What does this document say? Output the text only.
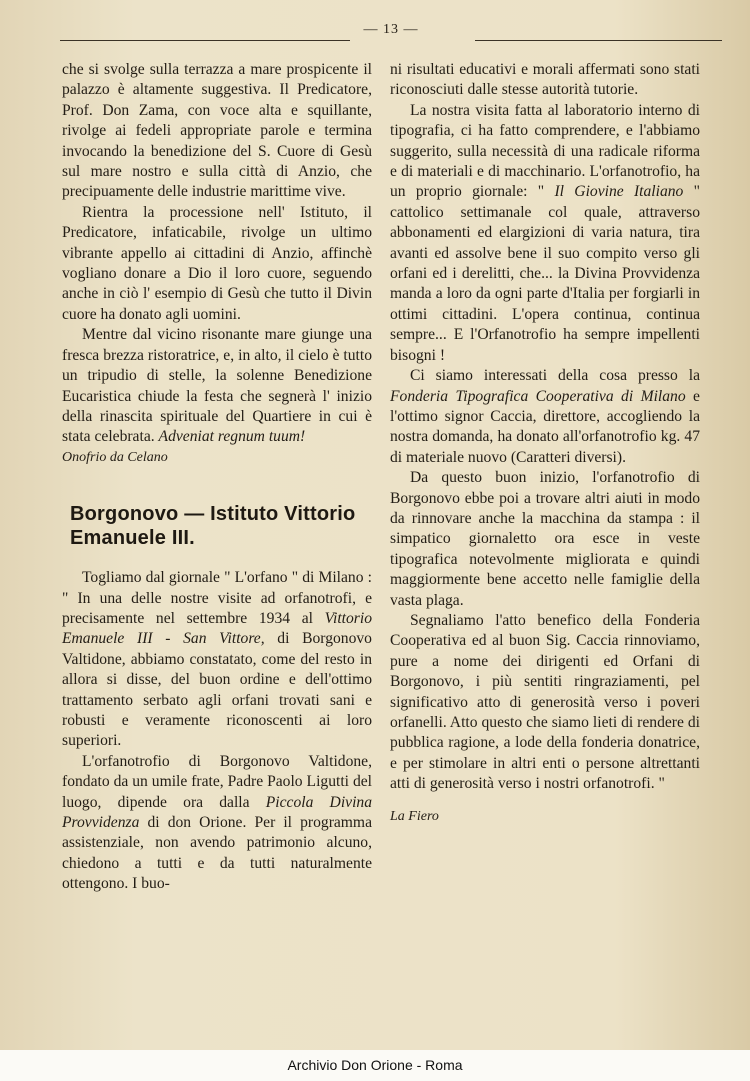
— 13 —

che si svolge sulla terrazza a mare prospicente il palazzo è altamente suggestiva. Il Predicatore, Prof. Don Zama, con voce alta e squillante, rivolge ai fedeli appropriate parole e termina invocando la benedizione del S. Cuore di Gesù sul mare nostro e sulla città di Anzio, che precipuamente delle industrie marittime vive.

Rientra la processione nell' Istituto, il Predicatore, infaticabile, rivolge un ultimo vibrante appello ai cittadini di Anzio, affinchè vogliano donare a Dio il loro cuore, seguendo anche in ciò l' esempio di Gesù che tutto il Divin cuore ha donato agli uomini.

Mentre dal vicino risonante mare giunge una fresca brezza ristoratrice, e, in alto, il cielo è tutto un tripudio di stelle, la solenne Benedizione Eucaristica chiude la festa che segnerà l' inizio della rinascita spirituale del Quartiere in cui è stata celebrata. Adveniat regnum tuum!

Onofrio da Celano

Borgonovo — Istituto Vittorio Emanuele III.

Togliamo dal giornale " L'orfano " di Milano : " In una delle nostre visite ad orfanotrofi, e precisamente nel settembre 1934 al Vittorio Emanuele III - San Vittore, di Borgonovo Valtidone, abbiamo constatato, come del resto in allora si disse, del buon ordine e dell'ottimo trattamento serbato agli orfani trovati sani e robusti e veramente riconoscenti ai loro superiori.

L'orfanotrofio di Borgonovo Valtidone, fondato da un umile frate, Padre Paolo Ligutti del luogo, dipende ora dalla Piccola Divina Provvidenza di don Orione. Per il programma assistenziale, non avendo patrimonio alcuno, chiedono a tutti e da tutti naturalmente ottengono. I buo-

ni risultati educativi e morali affermati sono stati riconosciuti dalle stesse autorità tutorie.

La nostra visita fatta al laboratorio interno di tipografia, ci ha fatto comprendere, e l'abbiamo suggerito, sulla necessità di una radicale riforma e di materiali e di macchinario. L'orfanotrofio, ha un proprio giornale: " Il Giovine Italiano " cattolico settimanale col quale, attraverso abbonamenti ed elargizioni di varia natura, tira avanti ed assolve bene il suo compito verso gli orfani ed i derelitti, che... la Divina Provvidenza manda a loro da ogni parte d'Italia per forgiarli in ottimi cittadini. L'opera continua, continua sempre... E l'Orfanotrofio ha sempre impellenti bisogni !

Ci siamo interessati della cosa presso la Fonderia Tipografica Cooperativa di Milano e l'ottimo signor Caccia, direttore, accogliendo la nostra domanda, ha donato all'orfanotrofio kg. 47 di materiale nuovo (Caratteri diversi).

Da questo buon inizio, l'orfanotrofio di Borgonovo ebbe poi a trovare altri aiuti in modo da rinnovare anche la macchina da stampa : il simpatico giornaletto ora esce in veste tipografica notevolmente migliorata e quindi maggiormente bene accetto nelle famiglie della vasta plaga.

Segnaliamo l'atto benefico della Fonderia Cooperativa ed al buon Sig. Caccia rinnoviamo, pure a nome dei dirigenti ed Orfani di Borgonovo, i più sentiti ringraziamenti, pel significativo atto di generosità verso i poveri orfanelli. Atto questo che siamo lieti di rendere di pubblica ragione, a lode della fonderia donatrice, e per stimolare in altri enti o persone altrettanti atti di generosità verso i nostri orfanotrofi. "

La Fiero

Archivio Don Orione - Roma
